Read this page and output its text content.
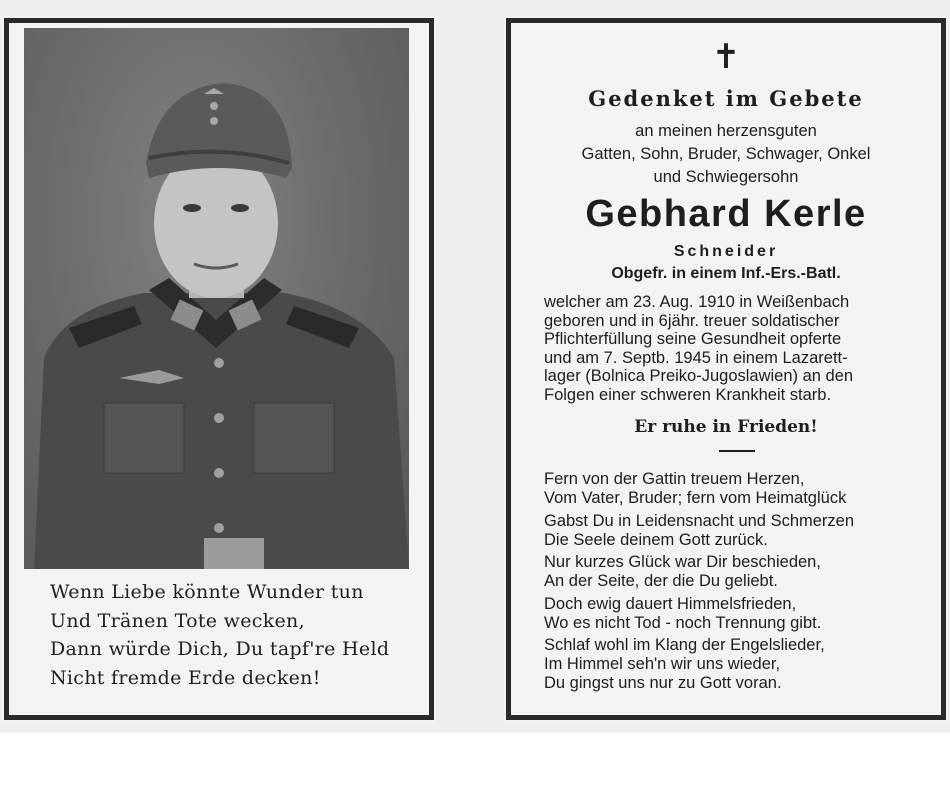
Wenn Liebe könnte Wunder tun
Und Tränen Tote wecken,
Dann würde Dich, Du tapf're Held
Nicht fremde Erde decken!
✝
Gedenket im Gebete
an meinen herzensguten
Gatten, Sohn, Bruder, Schwager, Onkel
und Schwiegersohn
Gebhard Kerle
Schneider
Obgefr. in einem Inf.-Ers.-Batl.
welcher am 23. Aug. 1910 in Weißenbach
geboren und in 6jähr. treuer soldatischer
Pflichterfüllung seine Gesundheit opferte
und am 7. Septb. 1945 in einem Lazarett-
lager (Bolnica Preiko-Jugoslawien) an den
Folgen einer schweren Krankheit starb.
Er ruhe in Frieden!
Fern von der Gattin treuem Herzen,
Vom Vater, Bruder; fern vom Heimatglück
Gabst Du in Leidensnacht und Schmerzen
Die Seele deinem Gott zurück.
Nur kurzes Glück war Dir beschieden,
An der Seite, der die Du geliebt.
Doch ewig dauert Himmelsfrieden,
Wo es nicht Tod - noch Trennung gibt.
Schlaf wohl im Klang der Engelslieder,
Im Himmel seh'n wir uns wieder,
Du gingst uns nur zu Gott voran.
